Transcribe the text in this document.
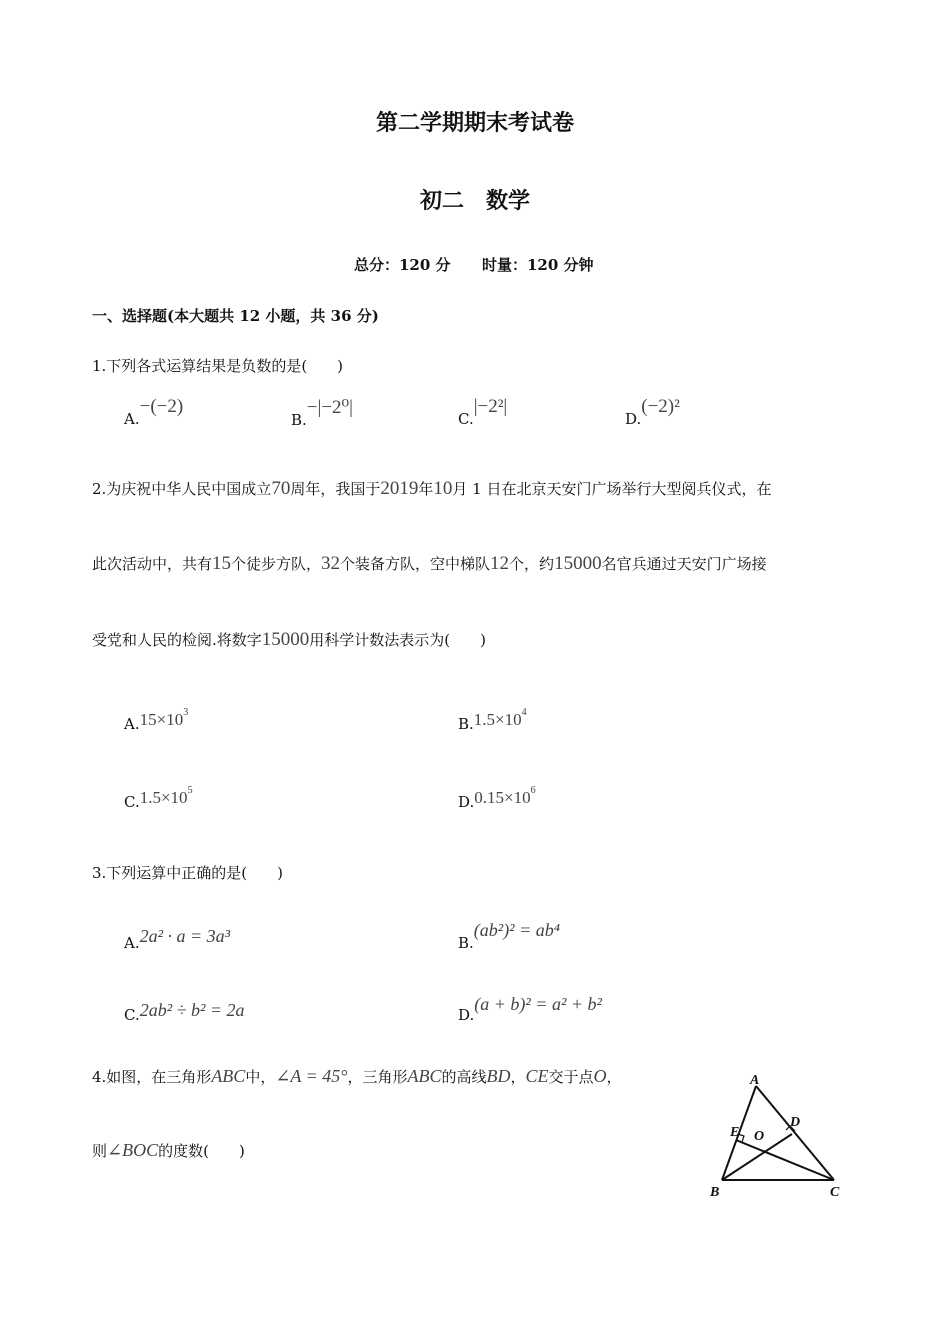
第二学期期末考试卷
初二　数学
总分：120 分 时量：120 分钟
一、选择题(本大题共 12 小题，共 36 分)
1.下列各式运算结果是负数的是(　　)
A.−(−2)
B.−|−2⁰|
C.|−2²|
D.(−2)²
2.为庆祝中华人民中国成立70周年，我国于2019年10月 1 日在北京天安门广场举行大型阅兵仪式，在
此次活动中，共有15个徒步方队，32个装备方队，空中梯队12个，约15000名官兵通过天安门广场接
受党和人民的检阅.将数字15000用科学计数法表示为(　　)
$A.15\times 10^3$
$B.1.5\times 10^4$
$C.1.5\times 10^5$
$D.0.15\times 10^6$
3.下列运算中正确的是(　　)
A.2a² · a = 3a³	B.(ab²)² = ab⁴
C.2ab² ÷ b² = 2a	D.(a + b)² = a² + b²
4.如图，在三角形ABC中，∠A = 45°，三角形ABC的高线BD，CE交于点O，
则∠BOC的度数(　　)
A
B	C
D
E O
